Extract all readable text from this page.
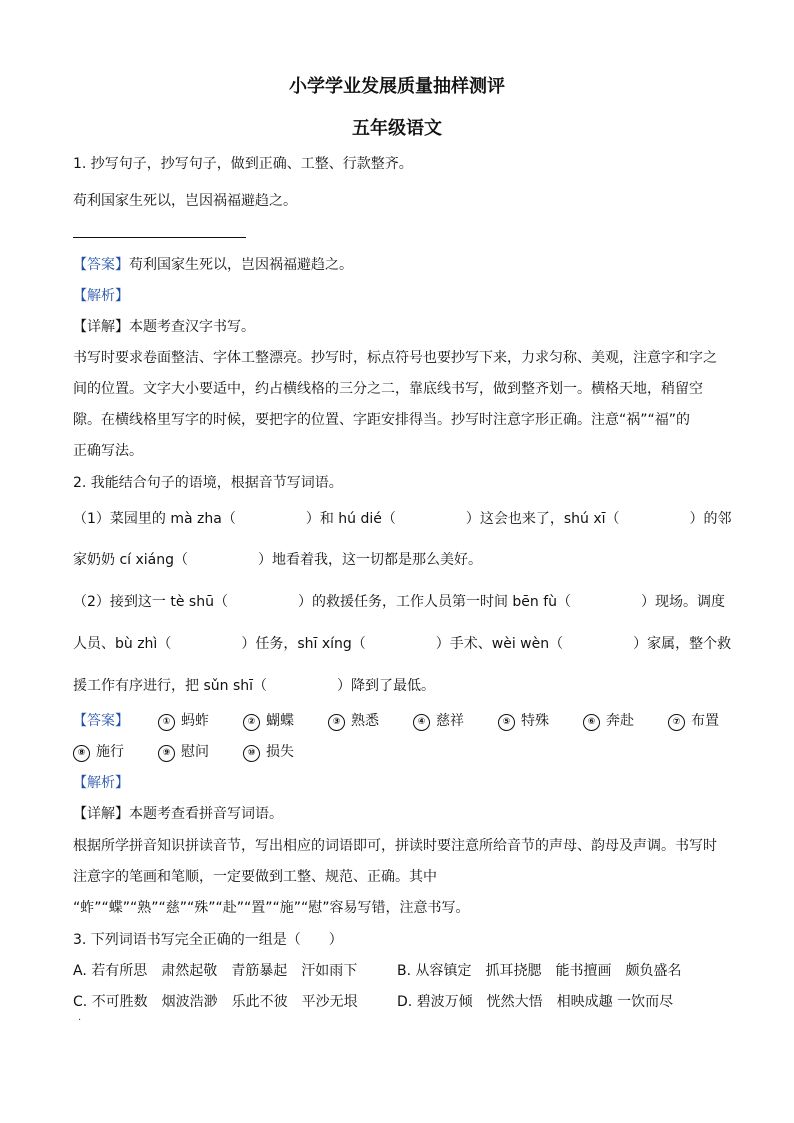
小学学业发展质量抽样测评
五年级语文
1. 抄写句子，抄写句子，做到正确、工整、行款整齐。
苟利国家生死以，岂因祸福避趋之。
【答案】苟利国家生死以，岂因祸福避趋之。
【解析】
【详解】本题考查汉字书写。
书写时要求卷面整洁、字体工整漂亮。抄写时，标点符号也要抄写下来，力求匀称、美观，注意字和字之
间的位置。文字大小要适中，约占横线格的三分之二，靠底线书写，做到整齐划一。横格天地，稍留空
隙。在横线格里写字的时候，要把字的位置、字距安排得当。抄写时注意字形正确。注意“祸”“福”的
正确写法。
2. 我能结合句子的语境，根据音节写词语。
（1）菜园里的 mà zha（　　　　　）和 hú dié（　　　　　）这会也来了，shú xī（　　　　　）的邻
家奶奶 cí xiáng（　　　　　）地看着我，这一切都是那么美好。
（2）接到这一 tè shū（　　　　　）的救援任务，工作人员第一时间 bēn fù（　　　　　）现场。调度
人员、bù zhì（　　　　　）任务，shī xíng（　　　　　）手术、wèi wèn（　　　　　）家属，整个救
援工作有序进行，把 sǔn shī（　　　　　）降到了最低。
【答案】	① 蚂蚱	② 蝴蝶	③ 熟悉	④ 慈祥	⑤ 特殊	⑥ 奔赴	⑦ 布置
⑧ 施行	⑨ 慰问	⑩ 损失
【解析】
【详解】本题考查看拼音写词语。
根据所学拼音知识拼读音节，写出相应的词语即可，拼读时要注意所给音节的声母、韵母及声调。书写时
注意字的笔画和笔顺，一定要做到工整、规范、正确。其中
“蚱”“蝶”“熟”“慈”“殊”“赴”“置”“施”“慰”容易写错，注意书写。
3. 下列词语书写完全正确的一组是（　　）
A. 若有所思　肃然起敬　青筋暴起　汗如雨下	B. 从容镇定　抓耳挠腮　能书擅画　颇负盛名
C. 不可胜数　烟波浩渺　乐此不彼　平沙无垠	D. 碧波万倾　恍然大悟　相映成趣 一饮而尽
·
